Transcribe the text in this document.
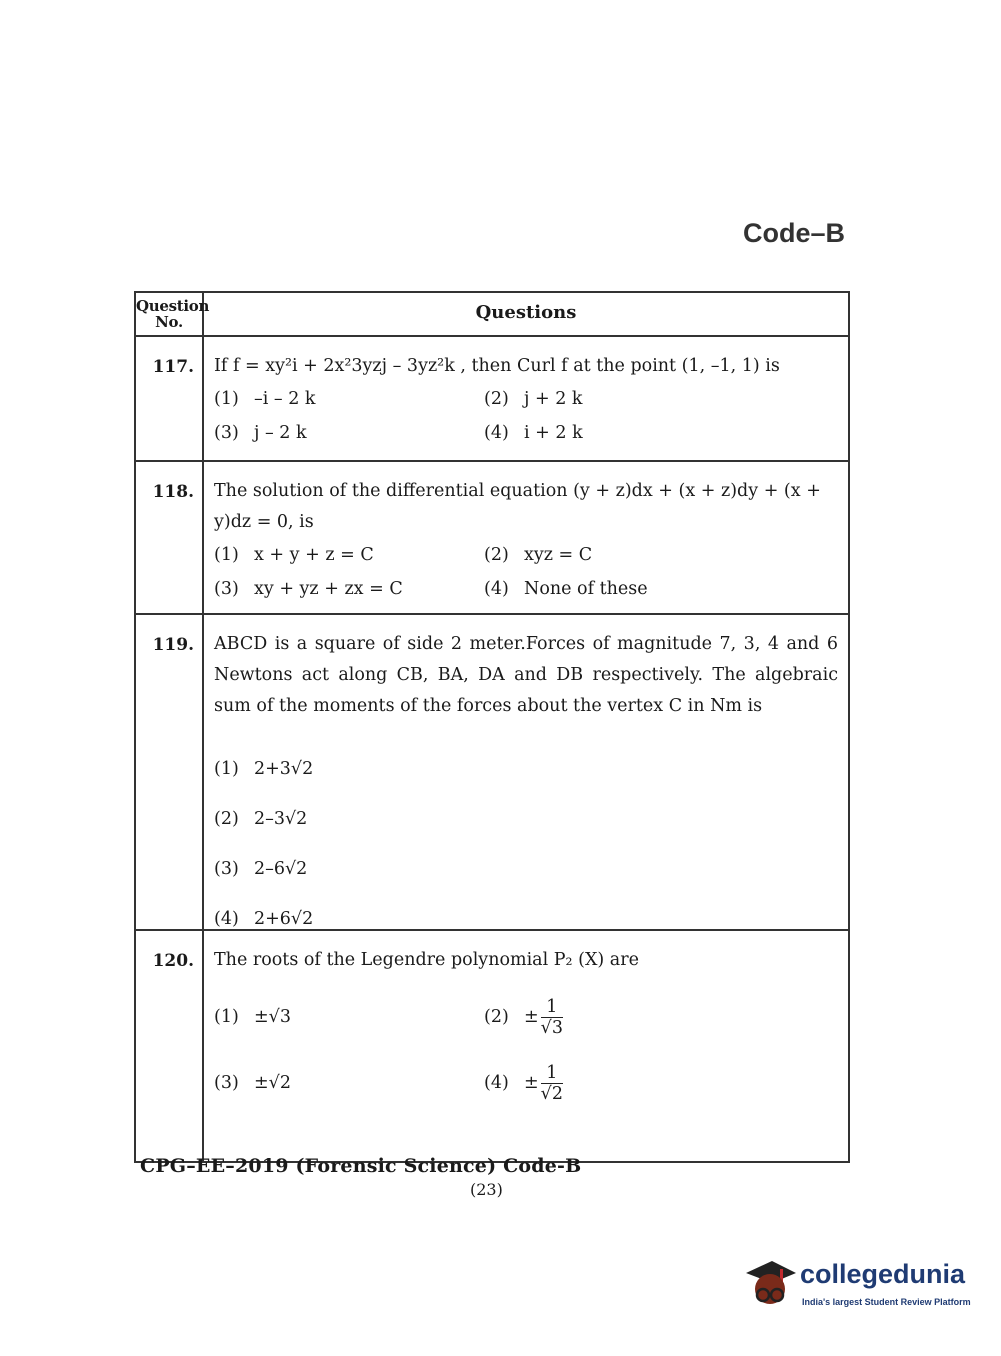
Code–B
Question No.	Questions
117.	If f = xy²i + 2x²3yzj – 3yz²k , then Curl f at the point (1, –1, 1) is
(1) –i – 2 k	(2) j + 2 k
(3) j – 2 k	(4) i + 2 k
118.	The solution of the differential equation (y + z)dx + (x + z)dy + (x + y)dz = 0, is
(1) x + y + z = C	(2) xyz = C
(3) xy + yz + zx = C	(4) None of these
119.	ABCD is a square of side 2 meter.Forces of magnitude 7, 3, 4 and 6 Newtons act along CB, BA, DA and DB respectively. The algebraic sum of the moments of the forces about the vertex C in Nm is
(1) 2+3√2
(2) 2–3√2
(3) 2–6√2
(4) 2+6√2
120.	The roots of the Legendre polynomial P₂ (X) are
(1) ±√3	$(2) \pm \frac{1}{√3}$
(3) ±√2	$(4) \pm \frac{1}{√2}$
CPG–EE–2019 (Forensic Science) Code-B
(23)
collegedunia
India's largest Student Review Platform
